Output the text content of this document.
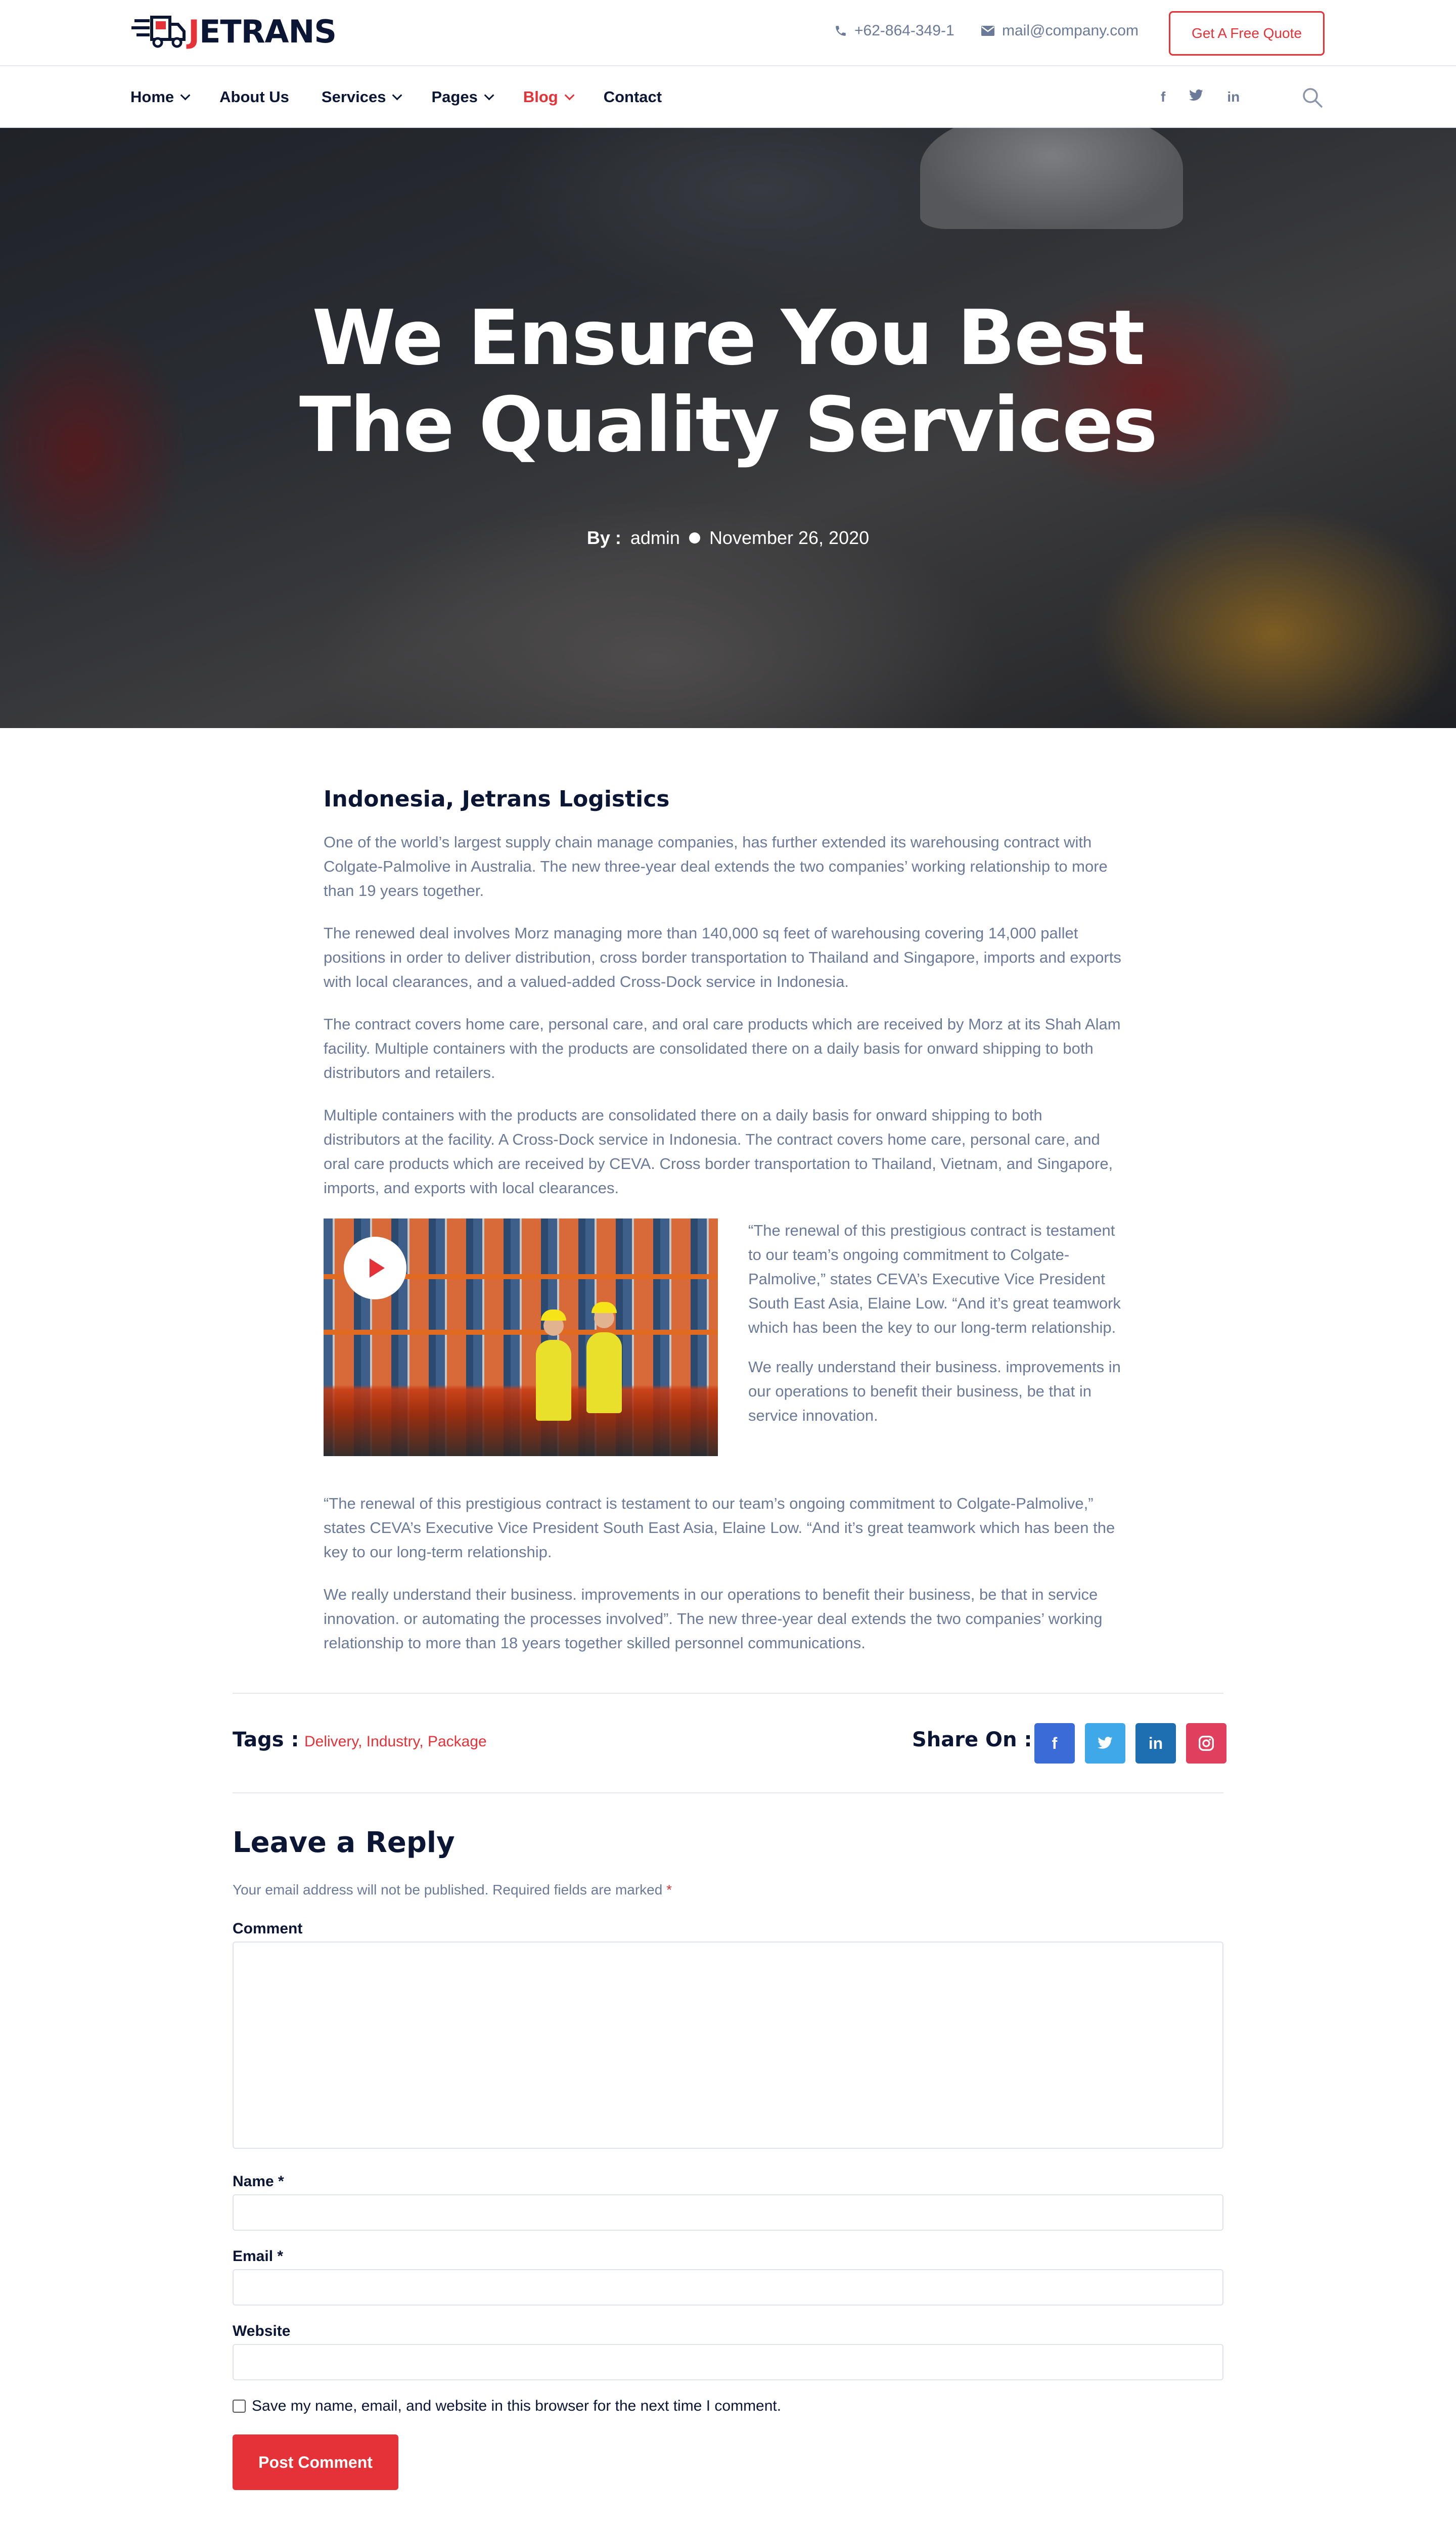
JETRANS	+62-864-349-1	mail@company.com	Get A Free Quote
Home	About Us Services	Pages	Blog	Contact	f	in
We Ensure You Best
The Quality Services
By : admin November 26, 2020
Indonesia, Jetrans Logistics

One of the world’s largest supply chain manage companies, has further extended its warehousing contract with Colgate-Palmolive in Australia. The new three-year deal extends the two companies’ working relationship to more than 19 years together.

The renewed deal involves Morz managing more than 140,000 sq feet of warehousing covering 14,000 pallet positions in order to deliver distribution, cross border transportation to Thailand and Singapore, imports and exports with local clearances, and a valued-added Cross-Dock service in Indonesia.

The contract covers home care, personal care, and oral care products which are received by Morz at its Shah Alam facility. Multiple containers with the products are consolidated there on a daily basis for onward shipping to both distributors and retailers.

Multiple containers with the products are consolidated there on a daily basis for onward shipping to both distributors at the facility. A Cross-Dock service in Indonesia. The contract covers home care, personal care, and oral care products which are received by CEVA. Cross border transportation to Thailand, Vietnam, and Singapore, imports, and exports with local clearances.

“The renewal of this prestigious contract is testament to our team’s ongoing commitment to Colgate-Palmolive,” states CEVA’s Executive Vice President South East Asia, Elaine Low. “And it’s great teamwork which has been the key to our long-term relationship.

We really understand their business. improvements in our operations to benefit their business, be that in service innovation.

“The renewal of this prestigious contract is testament to our team’s ongoing commitment to Colgate-Palmolive,” states CEVA’s Executive Vice President South East Asia, Elaine Low. “And it’s great teamwork which has been the key to our long-term relationship.

We really understand their business. improvements in our operations to benefit their business, be that in service innovation. or automating the processes involved”. The new three-year deal extends the two companies’ working relationship to more than 18 years together skilled personnel communications.

Tags : Delivery, Industry, Package	Share On : f	in
Leave a Reply

Your email address will not be published. Required fields are marked *

Comment
Name *
Email *
Website
Save my name, email, and website in this browser for the next time I comment.
Post Comment
